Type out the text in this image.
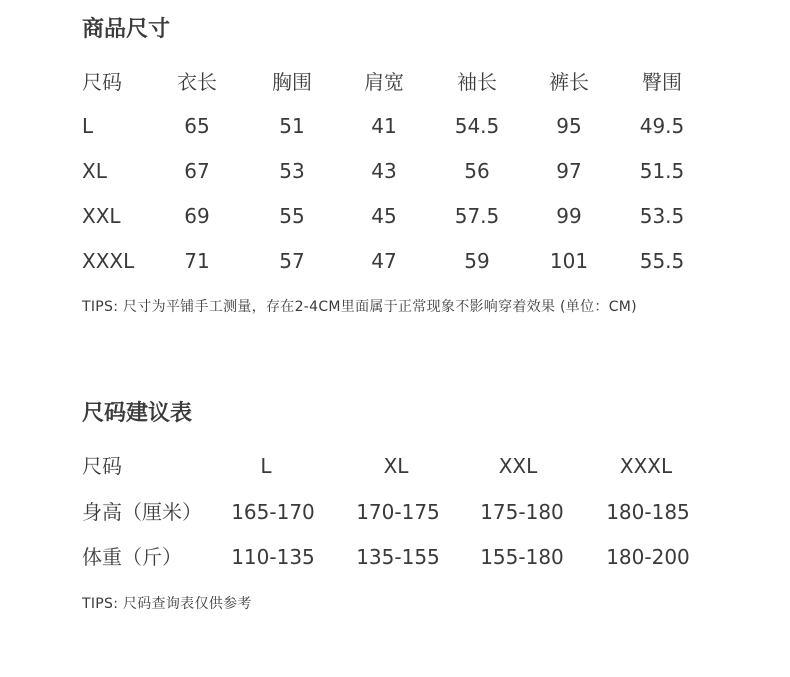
商品尺寸
尺码	衣长	胸围	肩宽	袖长	裤长	臀围
L	65	51	41	54.5	95	49.5
XL	67	53	43	56	97	51.5
XXL	69	55	45	57.5	99	53.5
XXXL	71	57	47	59	101	55.5
TIPS: 尺寸为平铺手工测量，存在2-4CM里面属于正常现象不影响穿着效果 (单位：CM)
尺码建议表
尺码	L	XL	XXL	XXXL
身高（厘米） 165-170 170-175 175-180 180-185
体重（斤） 110-135 135-155 155-180 180-200
TIPS: 尺码查询表仅供参考
